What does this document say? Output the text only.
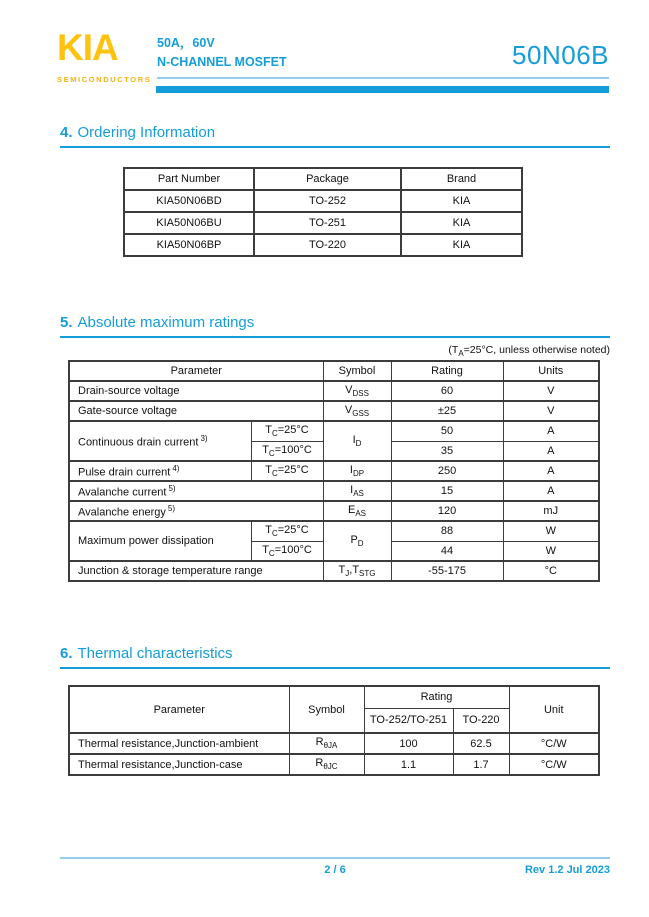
KIA
SEMICONDUCTORS
50A，60V
N-CHANNEL MOSFET	50N06B
4. Ordering Information
Part Number	Package	Brand
KIA50N06BD	TO-252	KIA
KIA50N06BU	TO-251	KIA
KIA50N06BP	TO-220	KIA
5. Absolute maximum ratings
($T_A=25^\circ C$, unless otherwise noted)
Parameter		Symbol	Rating	Units
Drain-source voltage		$V_{DSS}$	60	V
Gate-source voltage		$V_{GSS}$	±25	V
Continuous drain current $^{3)}$	$T_C=25^\circ C$	$I_D$	50	A
	$T_C=100^\circ C$		35	A
Pulse drain current $^{4)}$	$T_C=25^\circ C$	$I_{DP}$	250	A
Avalanche current $^{5)}$		$I_{AS}$	15	A
Avalanche energy $^{5)}$		$E_{AS}$	120	mJ
Maximum power dissipation	$T_C=25^\circ C$	$P_D$	88	W
	$T_C=100^\circ C$		44	W
Junction & storage temperature range		$T_J,T_{STG}$	-55-175	°C
6. Thermal characteristics
Parameter	Symbol	Rating		Unit
		TO-252/TO-251	TO-220	
Thermal resistance,Junction-ambient	$R_{\theta JA}$	100	62.5	°C/W
Thermal resistance,Junction-case	$R_{\theta JC}$	1.1	1.7	°C/W
2 / 6	Rev 1.2 Jul 2023
